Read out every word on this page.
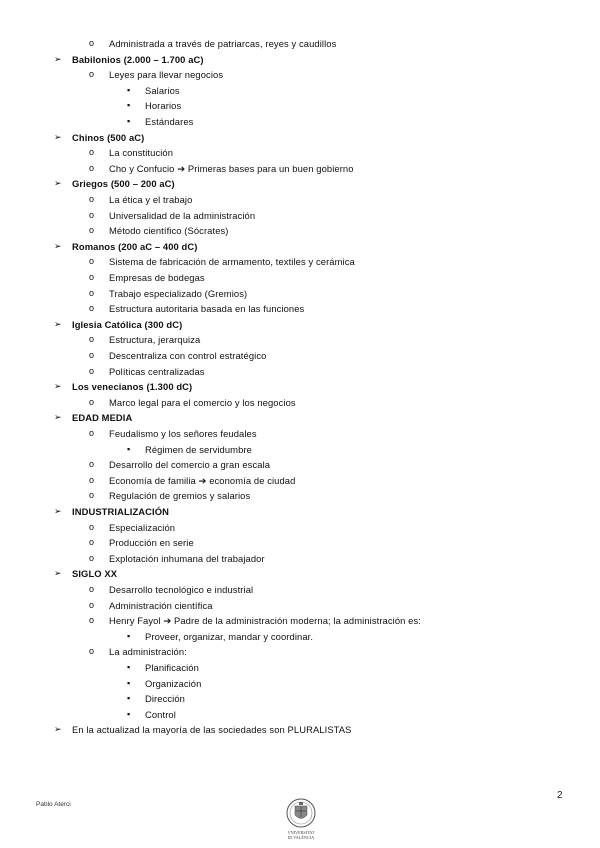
o Administrada a través de patriarcas, reyes y caudillos
➢ Babilonios (2.000 – 1.700 aC)
o Leyes para llevar negocios
▪ Salarios
▪ Horarios
▪ Estándares
➢ Chinos (500 aC)
o La constitución
o Cho y Confucio ➔ Primeras bases para un buen gobierno
➢ Griegos (500 – 200 aC)
o La ética y el trabajo
o Universalidad de la administración
o Método científico (Sócrates)
➢ Romanos (200 aC – 400 dC)
o Sistema de fabricación de armamento, textiles y cerámica
o Empresas de bodegas
o Trabajo especializado (Gremios)
o Estructura autoritaria basada en las funciones
➢ Iglesia Católica (300 dC)
o Estructura, jerarquiza
o Descentraliza con control estratégico
o Políticas centralizadas
➢ Los venecianos (1.300 dC)
o Marco legal para el comercio y los negocios
➢ EDAD MEDIA
o Feudalismo y los señores feudales
▪ Régimen de servidumbre
o Desarrollo del comercio a gran escala
o Economía de familia ➔ economía de ciudad
o Regulación de gremios y salarios
➢ INDUSTRIALIZACIÓN
o Especialización
o Producción en serie
o Explotación inhumana del trabajador
➢ SIGLO XX
o Desarrollo tecnológico e industrial
o Administración científica
o Henry Fayol ➔ Padre de la administración moderna; la administración es:
▪ Proveer, organizar, mandar y coordinar.
o La administración:
▪ Planificación
▪ Organización
▪ Dirección
▪ Control
➢ En la actualizad la mayoría de las sociedades son PLURALISTAS
Pablo Aterci
2
VNIVERSITAT
ID VALÈNCIA
